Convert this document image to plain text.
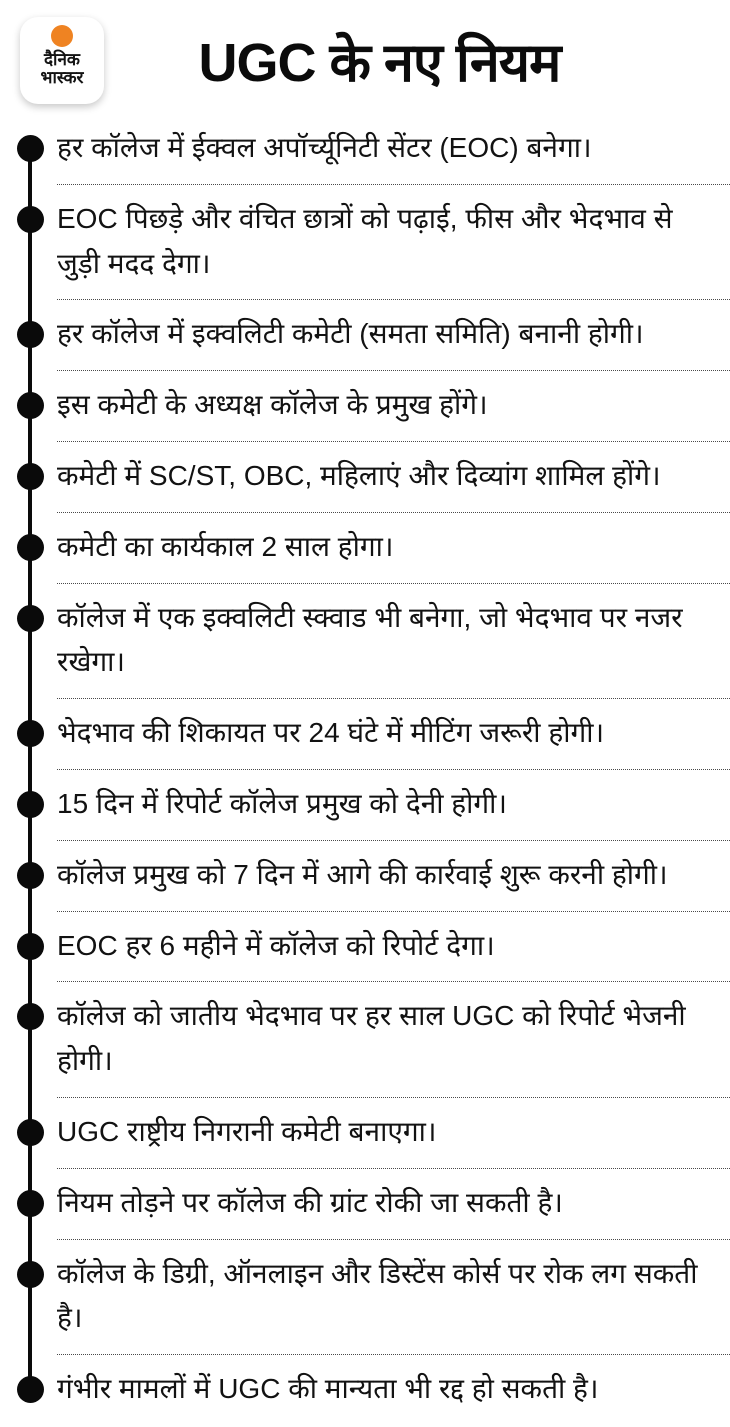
दैनिक
भास्कर	UGC के नए नियम
हर कॉलेज में ईक्वल अपॉर्च्यूनिटी सेंटर (EOC) बनेगा।
EOC पिछड़े और वंचित छात्रों को पढ़ाई, फीस और भेदभाव से जुड़ी मदद देगा।
हर कॉलेज में इक्वलिटी कमेटी (समता समिति) बनानी होगी।
इस कमेटी के अध्यक्ष कॉलेज के प्रमुख होंगे।
कमेटी में SC/ST, OBC, महिलाएं और दिव्यांग शामिल होंगे।
कमेटी का कार्यकाल 2 साल होगा।
कॉलेज में एक इक्वलिटी स्क्वाड भी बनेगा, जो भेदभाव पर नजर रखेगा।
भेदभाव की शिकायत पर 24 घंटे में मीटिंग जरूरी होगी।
15 दिन में रिपोर्ट कॉलेज प्रमुख को देनी होगी।
कॉलेज प्रमुख को 7 दिन में आगे की कार्रवाई शुरू करनी होगी।
EOC हर 6 महीने में कॉलेज को रिपोर्ट देगा।
कॉलेज को जातीय भेदभाव पर हर साल UGC को रिपोर्ट भेजनी होगी।
UGC राष्ट्रीय निगरानी कमेटी बनाएगा।
नियम तोड़ने पर कॉलेज की ग्रांट रोकी जा सकती है।
कॉलेज के डिग्री, ऑनलाइन और डिस्टेंस कोर्स पर रोक लग सकती है।
गंभीर मामलों में UGC की मान्यता भी रद्द हो सकती है।
